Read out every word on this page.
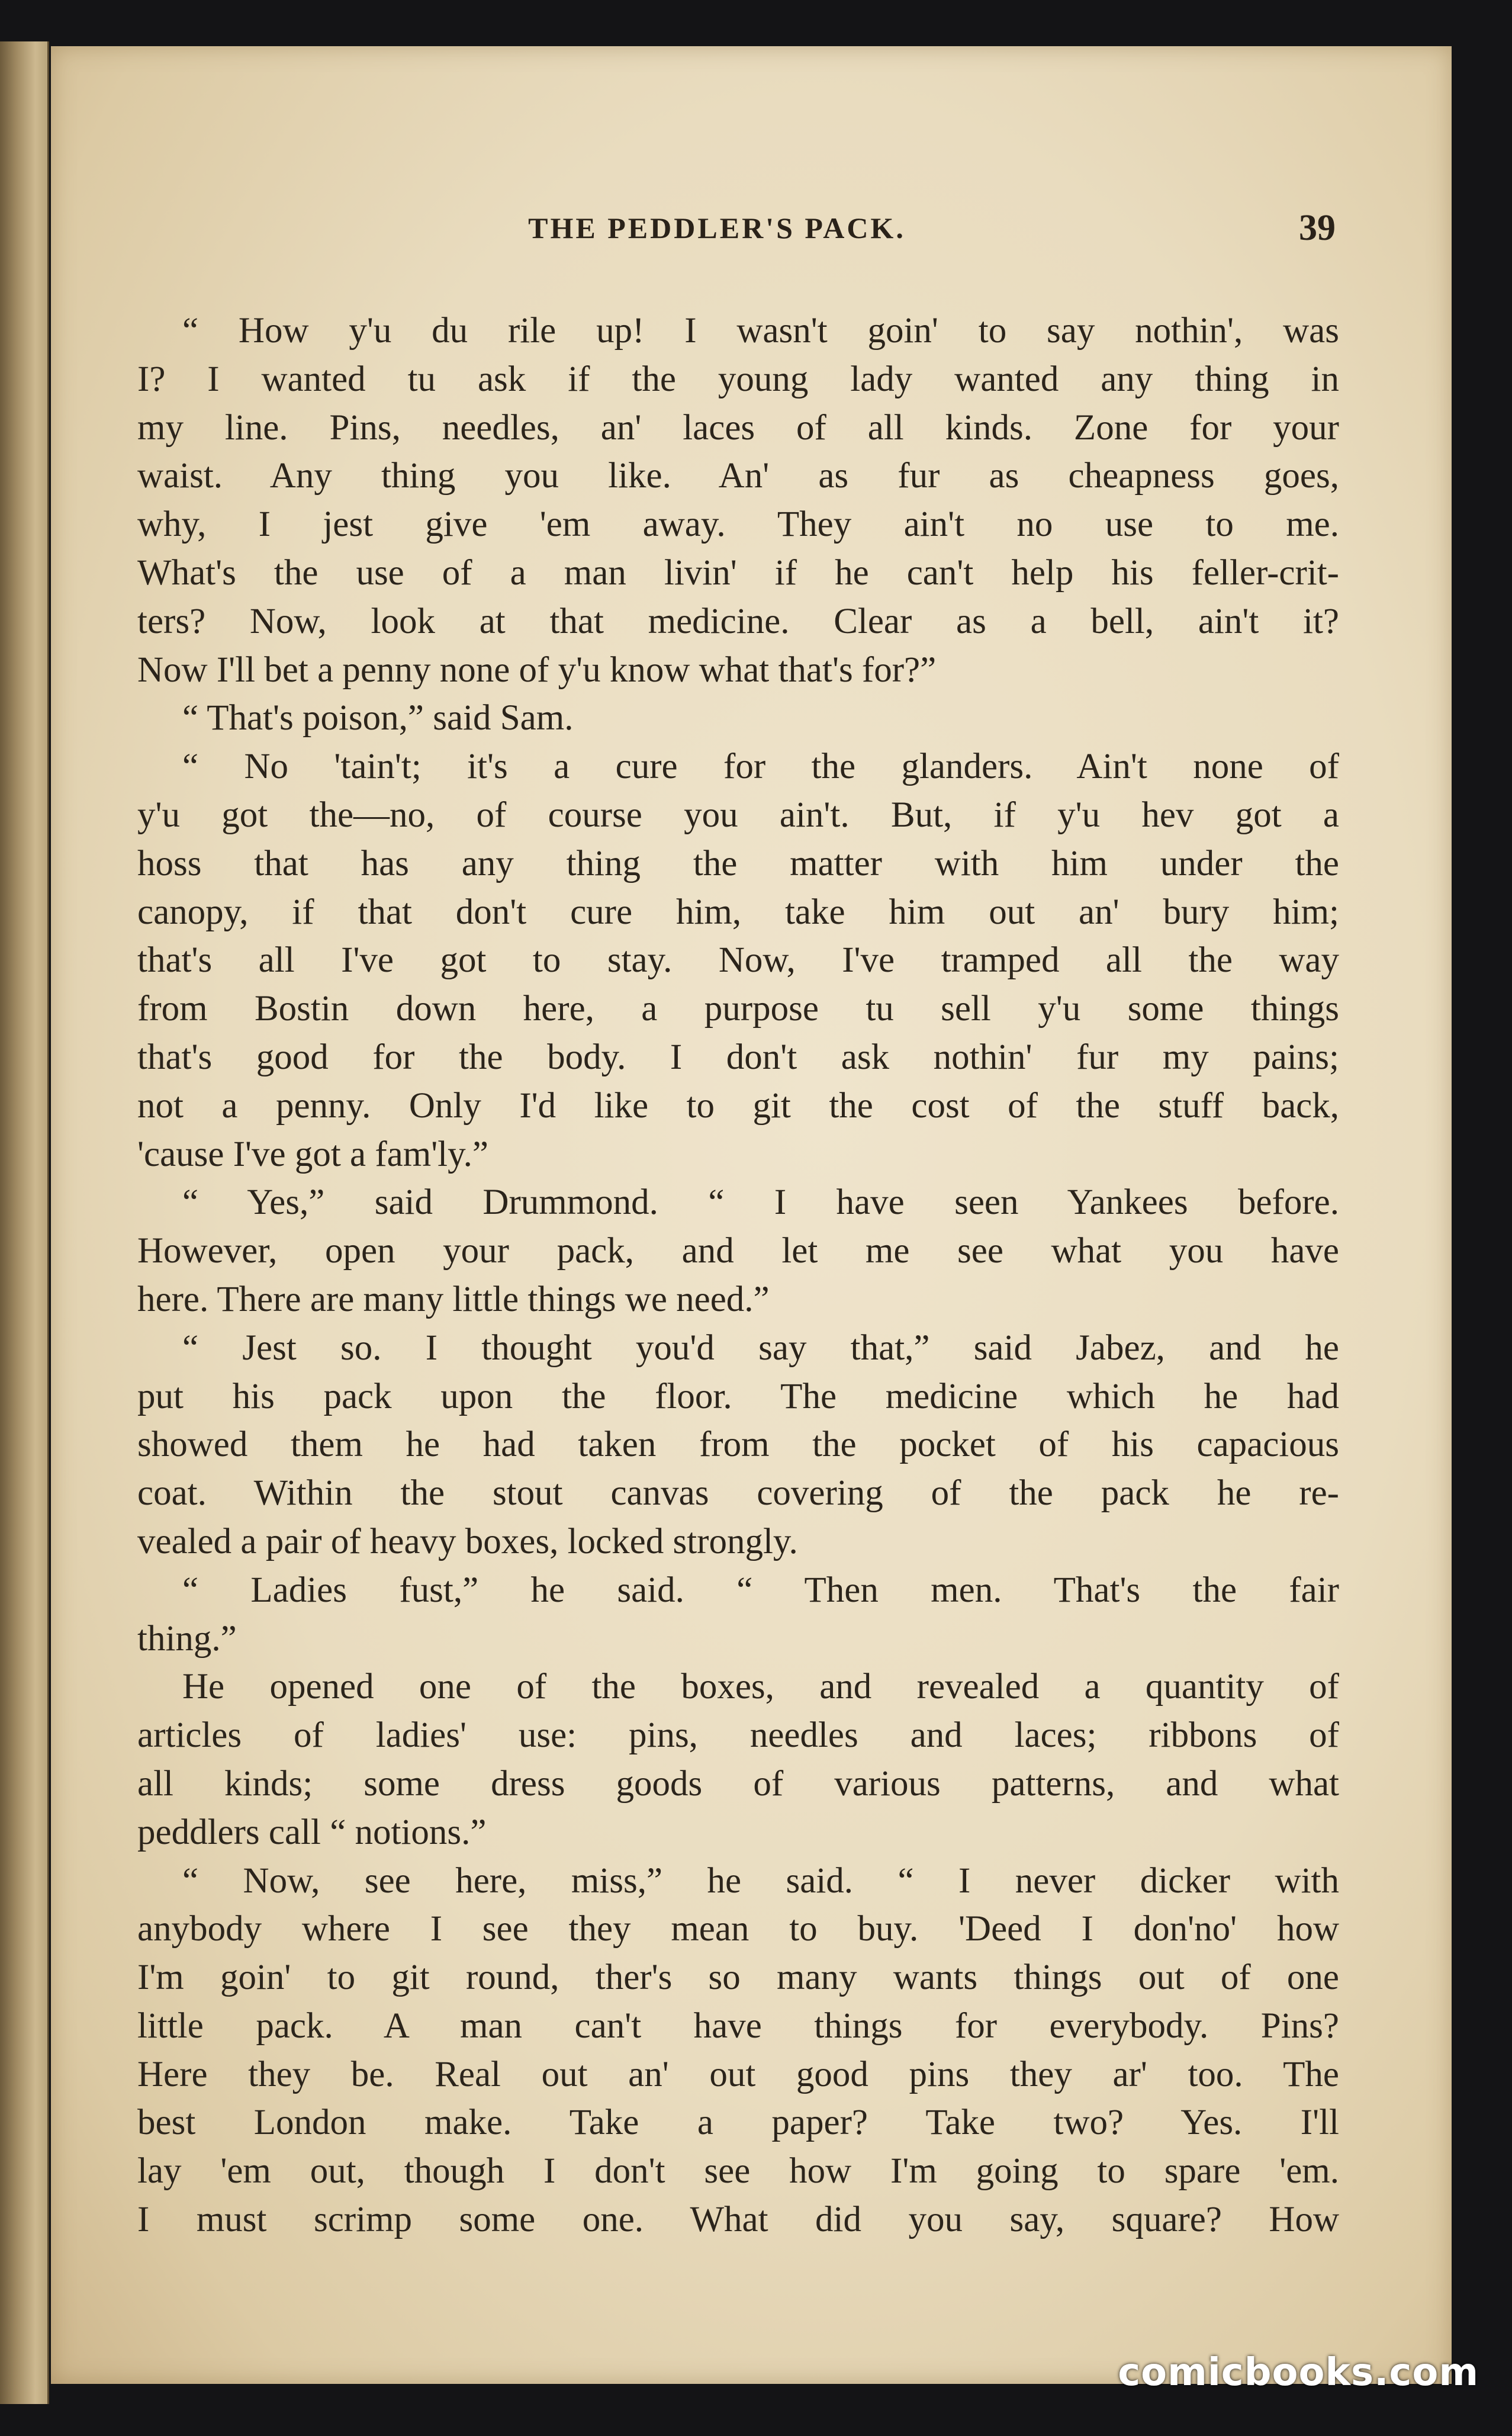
THE PEDDLER'S PACK.	39
“ How y'u du rile up! I wasn't goin' to say nothin', was
I? I wanted tu ask if the young lady wanted any thing in
my line. Pins, needles, an' laces of all kinds. Zone for your
waist. Any thing you like. An' as fur as cheapness goes,
why, I jest give 'em away. They ain't no use to me.
What's the use of a man livin' if he can't help his feller-crit-
ters? Now, look at that medicine. Clear as a bell, ain't it?
Now I'll bet a penny none of y'u know what that's for?”
“ That's poison,” said Sam.
“ No 'tain't; it's a cure for the glanders. Ain't none of
y'u got the—no, of course you ain't. But, if y'u hev got a
hoss that has any thing the matter with him under the
canopy, if that don't cure him, take him out an' bury him;
that's all I've got to stay. Now, I've tramped all the way
from Bostin down here, a purpose tu sell y'u some things
that's good for the body. I don't ask nothin' fur my pains;
not a penny. Only I'd like to git the cost of the stuff back,
'cause I've got a fam'ly.”
“ Yes,” said Drummond. “ I have seen Yankees before.
However, open your pack, and let me see what you have
here. There are many little things we need.”
“ Jest so. I thought you'd say that,” said Jabez, and he
put his pack upon the floor. The medicine which he had
showed them he had taken from the pocket of his capacious
coat. Within the stout canvas covering of the pack he re-
vealed a pair of heavy boxes, locked strongly.
“ Ladies fust,” he said. “ Then men. That's the fair
thing.”
He opened one of the boxes, and revealed a quantity of
articles of ladies' use: pins, needles and laces; ribbons of
all kinds; some dress goods of various patterns, and what
peddlers call “ notions.”
“ Now, see here, miss,” he said. “ I never dicker with
anybody where I see they mean to buy. 'Deed I don'no' how
I'm goin' to git round, ther's so many wants things out of one
little pack. A man can't have things for everybody. Pins?
Here they be. Real out an' out good pins they ar' too. The
best London make. Take a paper? Take two? Yes. I'll
lay 'em out, though I don't see how I'm going to spare 'em.
I must scrimp some one. What did you say, square? How
comicbooks.com
